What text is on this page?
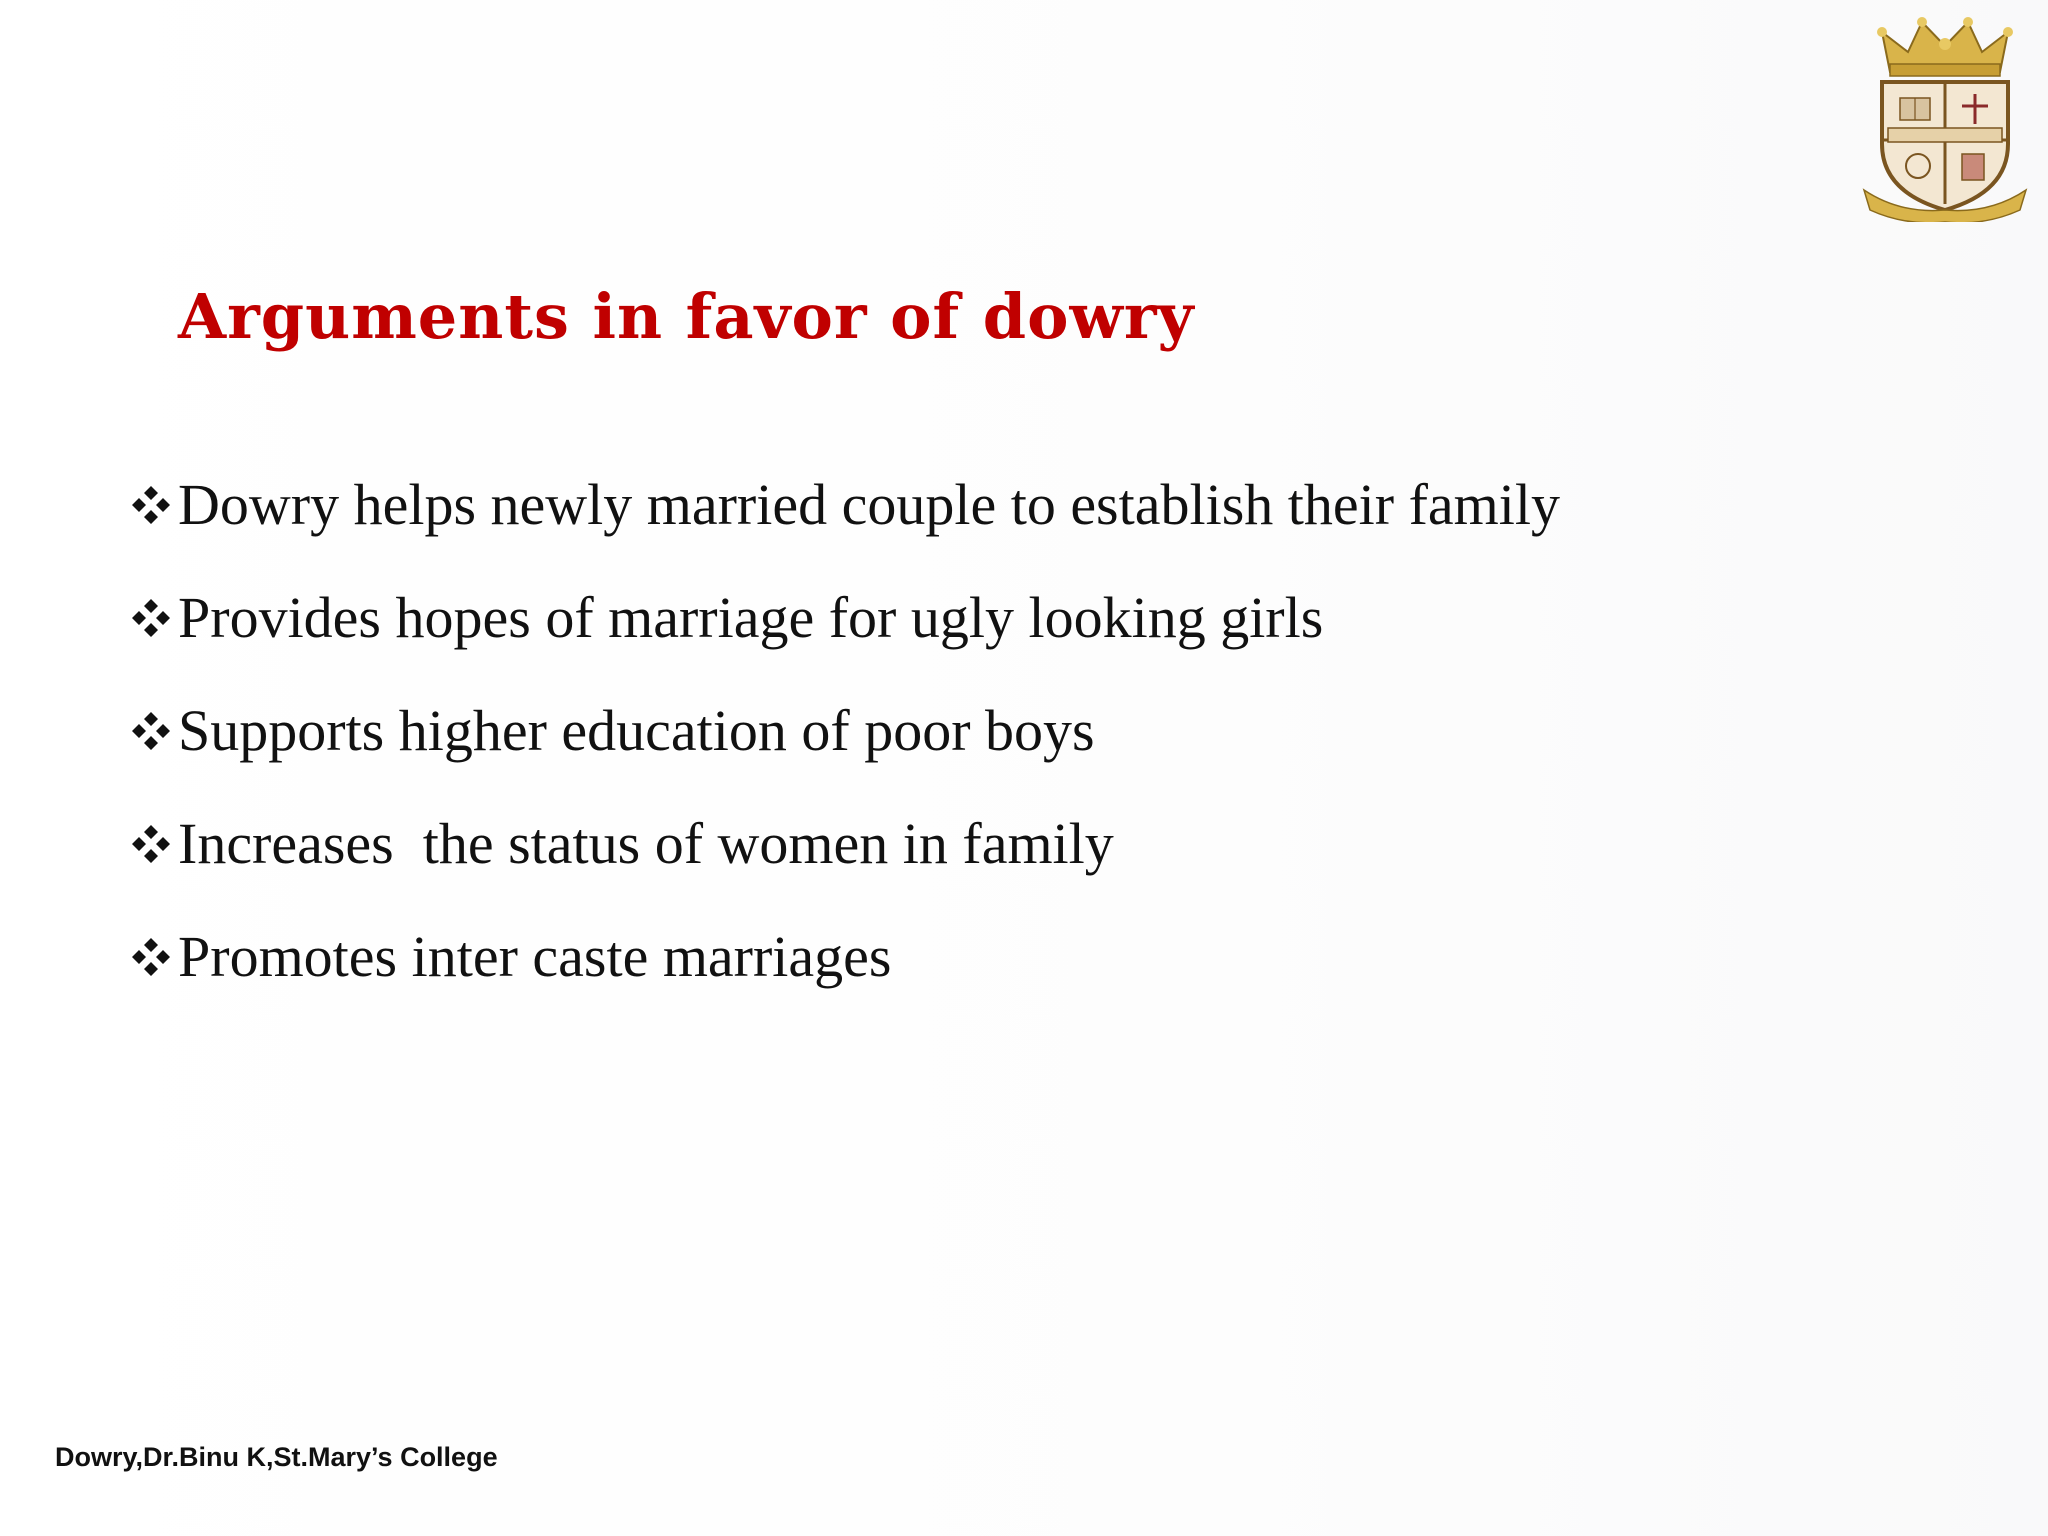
Arguments in favor of dowry
Dowry helps newly married couple to establish their family
Provides hopes of marriage for ugly looking girls
Supports higher education of poor boys
Increases  the status of women in family
Promotes inter caste marriages
Dowry,Dr.Binu K,St.Mary’s College
